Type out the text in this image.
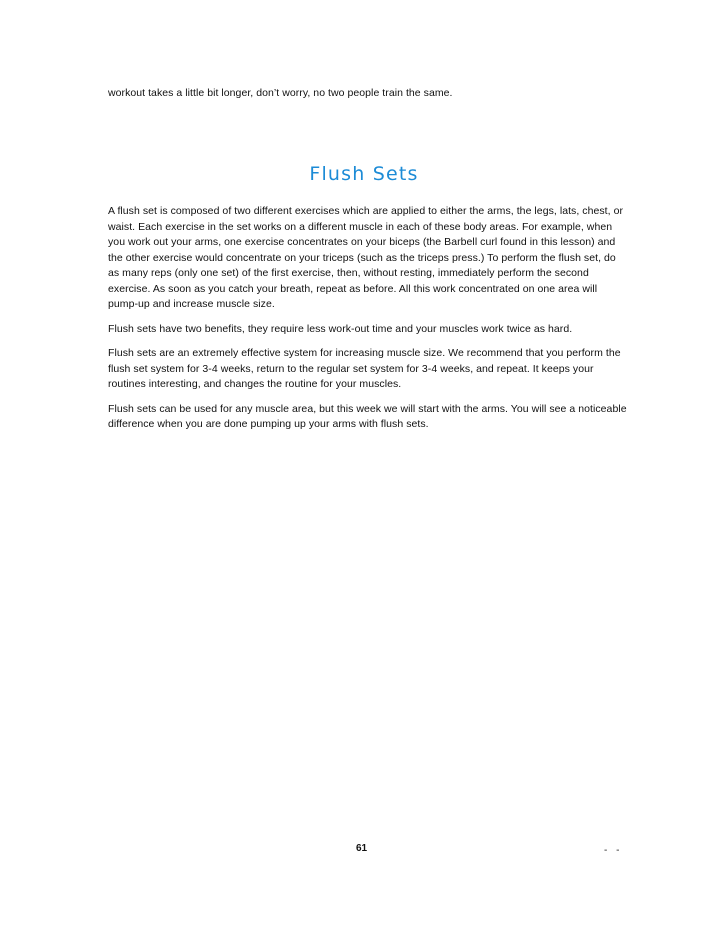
workout takes a little bit longer, don’t worry, no two people train the same.
Flush Sets

A flush set is composed of two different exercises which are applied to either the arms, the legs, lats, chest, or waist. Each exercise in the set works on a different muscle in each of these body areas. For example, when you work out your arms, one exercise concentrates on your biceps (the Barbell curl found in this lesson) and the other exercise would concentrate on your triceps (such as the triceps press.) To perform the flush set, do as many reps (only one set) of the first exercise, then, without resting, immediately perform the second exercise. As soon as you catch your breath, repeat as before. All this work concentrated on one area will pump-up and increase muscle size.

Flush sets have two benefits, they require less work-out time and your muscles work twice as hard.

Flush sets are an extremely effective system for increasing muscle size. We recommend that you perform the flush set system for 3-4 weeks, return to the regular set system for 3-4 weeks, and repeat. It keeps your routines interesting, and changes the routine for your muscles.

Flush sets can be used for any muscle area, but this week we will start with the arms. You will see a noticeable difference when you are done pumping up your arms with flush sets.

61	- -
